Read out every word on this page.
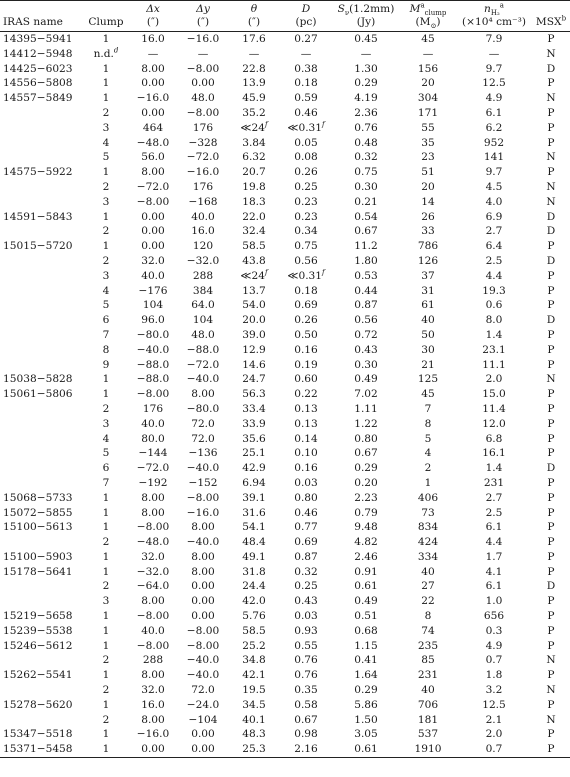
		Δx	Δy	θ	D	$S_\nu(1.2mm)$	$M^a_{clump}$	$n_{H_2}^a$	
IRAS name	Clump	(″)	(″)	(″)	(pc)	(Jy)	$(M_⊙)$	(×10⁴ cm⁻³)	MSX$^b$
14395−5941	1	16.0	−16.0	17.6	0.27	0.45	45	7.9	P
14412−5948	n.d.$^d$	—	—	—	—	—	—	—	N
14425−6023	1	8.00	−8.00	22.8	0.38	1.30	156	9.7	D
14556−5808	1	0.00	0.00	13.9	0.18	0.29	20	12.5	P
14557−5849	1	−16.0	48.0	45.9	0.59	4.19	304	4.9	N
	2	0.00	−8.00	35.2	0.46	2.36	171	6.1	P
	3	464	176	≪24$^f$	≪0.31$^f$	0.76	55	6.2	P
	4	−48.0	−328	3.84	0.05	0.48	35	952	P
	5	56.0	−72.0	6.32	0.08	0.32	23	141	N
14575−5922	1	8.00	−16.0	20.7	0.26	0.75	51	9.7	P
	2	−72.0	176	19.8	0.25	0.30	20	4.5	N
	3	−8.00	−168	18.3	0.23	0.21	14	4.0	N
14591−5843	1	0.00	40.0	22.0	0.23	0.54	26	6.9	D
	2	0.00	16.0	32.4	0.34	0.67	33	2.7	D
15015−5720	1	0.00	120	58.5	0.75	11.2	786	6.4	P
	2	32.0	−32.0	43.8	0.56	1.80	126	2.5	D
	3	40.0	288	≪24$^f$	≪0.31$^f$	0.53	37	4.4	P
	4	−176	384	13.7	0.18	0.44	31	19.3	P
	5	104	64.0	54.0	0.69	0.87	61	0.6	P
	6	96.0	104	20.0	0.26	0.56	40	8.0	D
	7	−80.0	48.0	39.0	0.50	0.72	50	1.4	P
	8	−40.0	−88.0	12.9	0.16	0.43	30	23.1	P
	9	−88.0	−72.0	14.6	0.19	0.30	21	11.1	P
15038−5828	1	−88.0	−40.0	24.7	0.60	0.49	125	2.0	N
15061−5806	1	−8.00	8.00	56.3	0.22	7.02	45	15.0	P
	2	176	−80.0	33.4	0.13	1.11	7	11.4	P
	3	40.0	72.0	33.9	0.13	1.22	8	12.0	P
	4	80.0	72.0	35.6	0.14	0.80	5	6.8	P
	5	−144	−136	25.1	0.10	0.67	4	16.1	P
	6	−72.0	−40.0	42.9	0.16	0.29	2	1.4	D
	7	−192	−152	6.94	0.03	0.20	1	231	P
15068−5733	1	8.00	−8.00	39.1	0.80	2.23	406	2.7	P
15072−5855	1	8.00	−16.0	31.6	0.46	0.79	73	2.5	P
15100−5613	1	−8.00	8.00	54.1	0.77	9.48	834	6.1	P
	2	−48.0	−40.0	48.4	0.69	4.82	424	4.4	P
15100−5903	1	32.0	8.00	49.1	0.87	2.46	334	1.7	P
15178−5641	1	−32.0	8.00	31.8	0.32	0.91	40	4.1	P
	2	−64.0	0.00	24.4	0.25	0.61	27	6.1	D
	3	8.00	0.00	42.0	0.43	0.49	22	1.0	P
15219−5658	1	−8.00	0.00	5.76	0.03	0.51	8	656	P
15239−5538	1	40.0	−8.00	58.5	0.93	0.68	74	0.3	P
15246−5612	1	−8.00	−8.00	25.2	0.55	1.15	235	4.9	P
	2	288	−40.0	34.8	0.76	0.41	85	0.7	N
15262−5541	1	8.00	−40.0	42.1	0.76	1.64	231	1.8	P
	2	32.0	72.0	19.5	0.35	0.29	40	3.2	N
15278−5620	1	16.0	−24.0	34.5	0.58	5.86	706	12.5	P
	2	8.00	−104	40.1	0.67	1.50	181	2.1	N
15347−5518	1	−16.0	0.00	48.3	0.98	3.05	537	2.0	P
15371−5458	1	0.00	0.00	25.3	2.16	0.61	1910	0.7	P
